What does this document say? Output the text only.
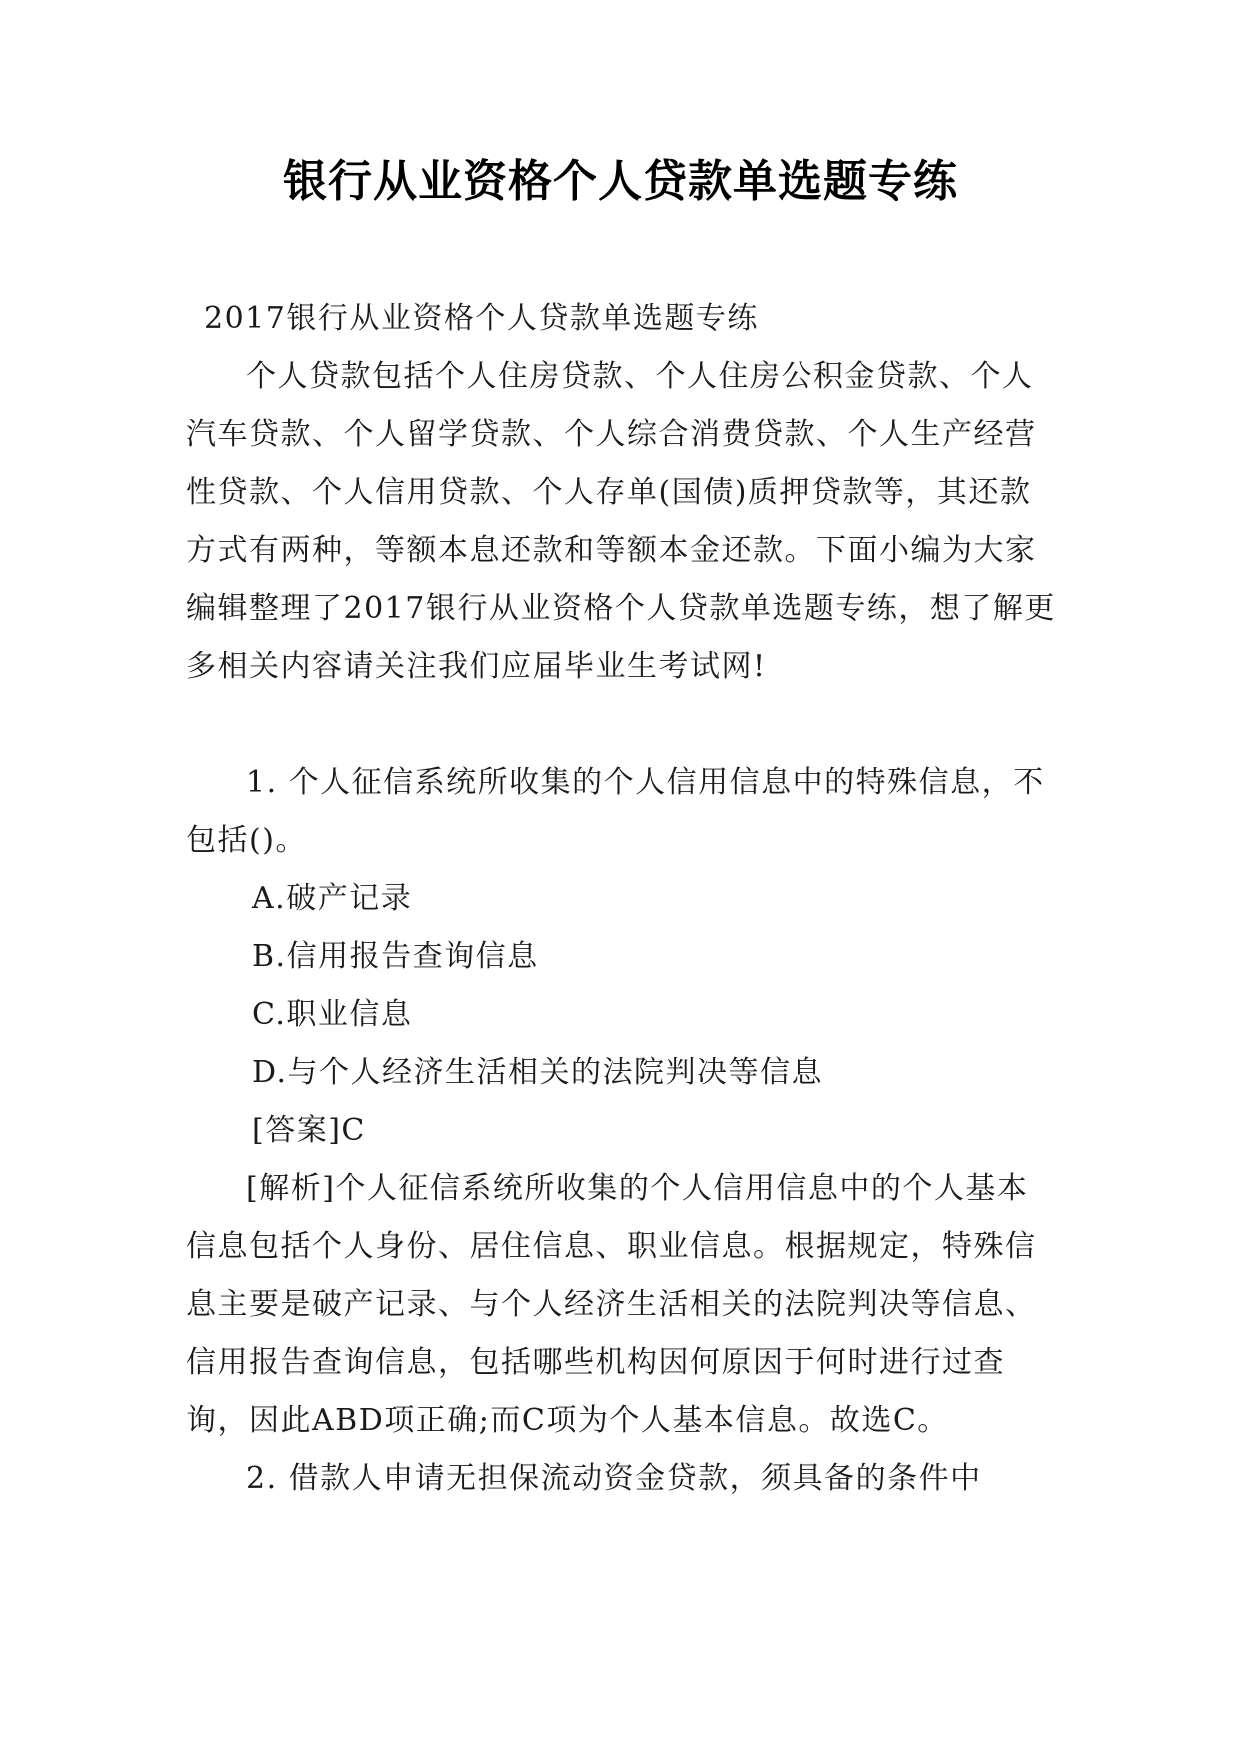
银行从业资格个人贷款单选题专练

2017银行从业资格个人贷款单选题专练

个人贷款包括个人住房贷款、个人住房公积金贷款、个人汽车贷款、个人留学贷款、个人综合消费贷款、个人生产经营性贷款、个人信用贷款、个人存单(国债)质押贷款等，其还款方式有两种，等额本息还款和等额本金还款。下面小编为大家编辑整理了2017银行从业资格个人贷款单选题专练，想了解更多相关内容请关注我们应届毕业生考试网!

1. 个人征信系统所收集的个人信用信息中的特殊信息，不包括()。

A.破产记录

B.信用报告查询信息

C.职业信息

D.与个人经济生活相关的法院判决等信息

[答案]C

[解析]个人征信系统所收集的个人信用信息中的个人基本信息包括个人身份、居住信息、职业信息。根据规定，特殊信息主要是破产记录、与个人经济生活相关的法院判决等信息、信用报告查询信息，包括哪些机构因何原因于何时进行过查询，因此ABD项正确;而C项为个人基本信息。故选C。

2. 借款人申请无担保流动资金贷款，须具备的条件中
